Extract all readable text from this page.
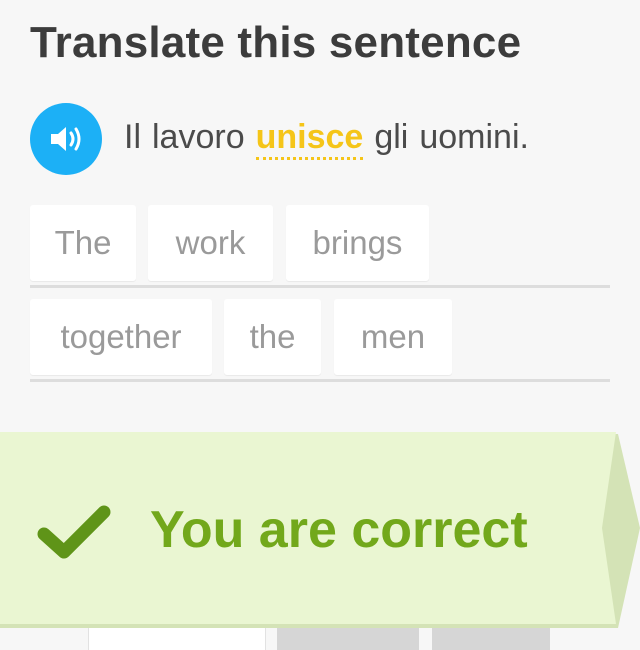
Translate this sentence
Il lavoro unisce gli uomini.
The	work	brings
together	the	men
You are correct
